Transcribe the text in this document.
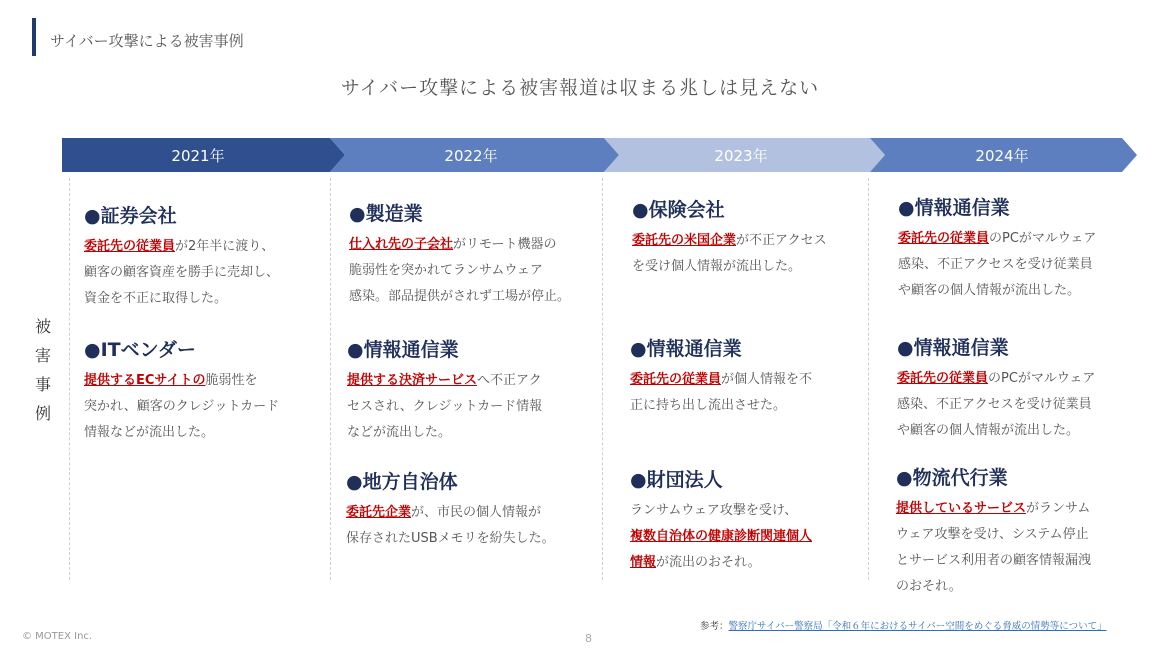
サイバー攻撃による被害事例
サイバー攻撃による被害報道は収まる兆しは見えない
2021年	2022年	2023年	2024年
被
害
事
例
●証券会社
委託先の従業員が2年半に渡り、
顧客の顧客資産を勝手に売却し、
資金を不正に取得した。
●ITベンダー
提供するECサイトの脆弱性を
突かれ、顧客のクレジットカード
情報などが流出した。
●製造業
仕入れ先の子会社がリモート機器の
脆弱性を突かれてランサムウェア
感染。部品提供がされず工場が停止。
●情報通信業
提供する決済サービスへ不正アク
セスされ、クレジットカード情報
などが流出した。
●地方自治体
委託先企業が、市民の個人情報が
保存されたUSBメモリを紛失した。
●保険会社
委託先の米国企業が不正アクセス
を受け個人情報が流出した。
●情報通信業
委託先の従業員が個人情報を不
正に持ち出し流出させた。
●財団法人
ランサムウェア攻撃を受け、
複数自治体の健康診断関連個人
情報が流出のおそれ。
●情報通信業
委託先の従業員のPCがマルウェア
感染、不正アクセスを受け従業員
や顧客の個人情報が流出した。
●情報通信業
委託先の従業員のPCがマルウェア
感染、不正アクセスを受け従業員
や顧客の個人情報が流出した。
●物流代行業
提供しているサービスがランサム
ウェア攻撃を受け、システム停止
とサービス利用者の顧客情報漏洩
のおそれ。
参考：警察庁サイバー警察局「令和６年におけるサイバー空間をめぐる脅威の情勢等について」
© MOTEX Inc.	8
